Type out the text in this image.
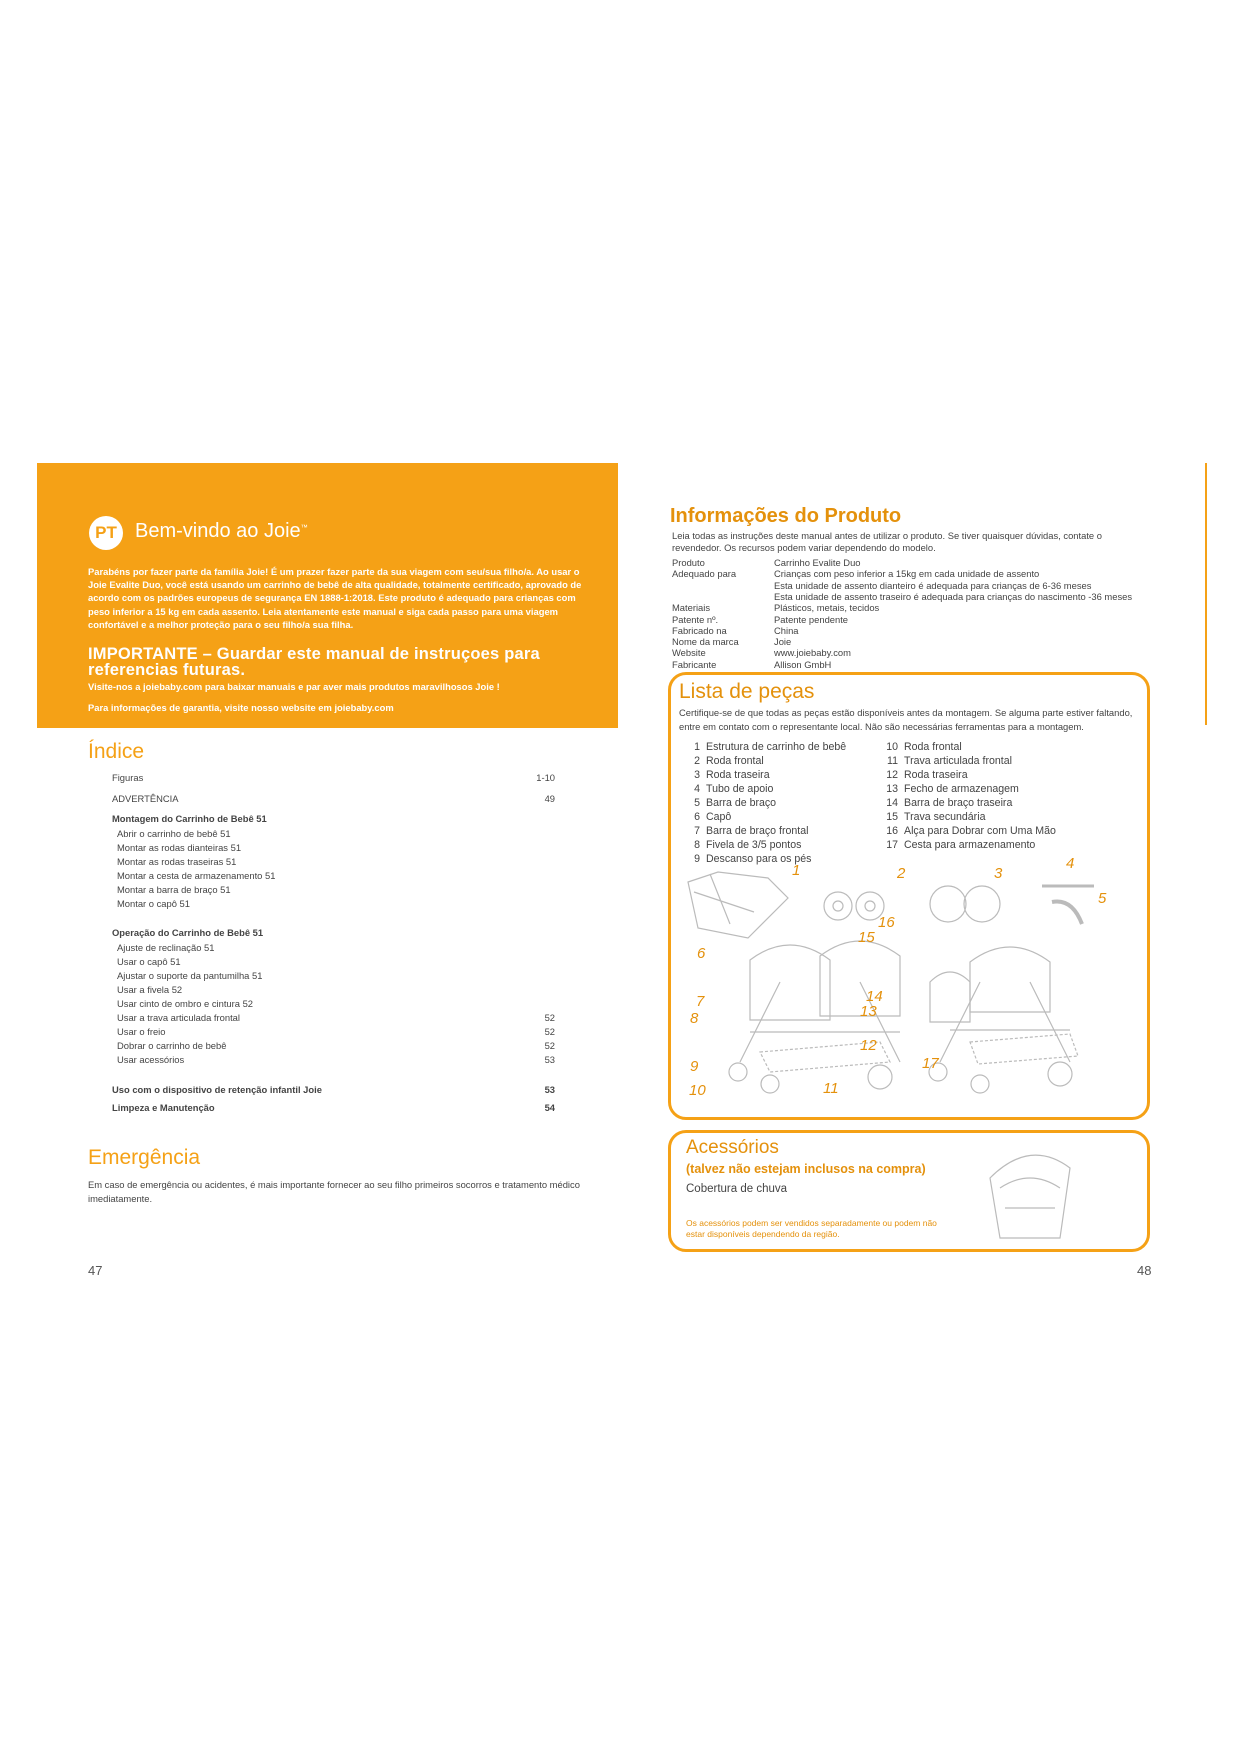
PT Bem-vindo ao Joie™
Parabéns por fazer parte da família Joie! É um prazer fazer parte da sua viagem com seu/sua filho/a. Ao usar o Joie Evalite Duo, você está usando um carrinho de bebê de alta qualidade, totalmente certificado, aprovado de acordo com os padrões europeus de segurança EN 1888-1:2018. Este produto é adequado para crianças com peso inferior a 15 kg em cada assento. Leia atentamente este manual e siga cada passo para uma viagem confortável e a melhor proteção para o seu filho/a sua filha.
IMPORTANTE – Guardar este manual de instruçoes para referencias futuras.
Visite-nos a joiebaby.com para baixar manuais e par aver mais produtos maravilhosos Joie !
Para informações de garantia, visite nosso website em joiebaby.com
Índice
Figuras	1-10
ADVERTÊNCIA	49
Montagem do Carrinho de Bebê 51
Abrir o carrinho de bebê 51
Montar as rodas dianteiras 51
Montar as rodas traseiras 51
Montar a cesta de armazenamento 51
Montar a barra de braço 51
Montar o capô 51
Operação do Carrinho de Bebê 51
Ajuste de reclinação 51
Usar o capô 51
Ajustar o suporte da pantumilha 51
Usar a fivela 52
Usar cinto de ombro e cintura 52
Usar a trava articulada frontal	52
Usar o freio	52
Dobrar o carrinho de bebê	52
Usar acessórios	53
Uso com o dispositivo de retenção infantil Joie	53
Limpeza e Manutenção	54
Emergência
Em caso de emergência ou acidentes, é mais importante fornecer ao seu filho primeiros socorros e tratamento médico imediatamente.
47
Informações do Produto
Leia todas as instruções deste manual antes de utilizar o produto. Se tiver quaisquer dúvidas, contate o revendedor. Os recursos podem variar dependendo do modelo.
Produto	Carrinho Evalite Duo
Adequado para	Crianças com peso inferior a 15kg em cada unidade de assento
Esta unidade de assento dianteiro é adequada para crianças de 6-36 meses
Esta unidade de assento traseiro é adequada para crianças do nascimento -36 meses
Materiais	Plásticos, metais, tecidos
Patente nº.	Patente pendente
Fabricado na	China
Nome da marca	Joie
Website	www.joiebaby.com
Fabricante	Allison GmbH
Lista de peças
Certifique-se de que todas as peças estão disponíveis antes da montagem. Se alguma parte estiver faltando, entre em contato com o representante local. Não são necessárias ferramentas para a montagem.
1 Estrutura de carrinho de bebê
2 Roda frontal
3 Roda traseira
4 Tubo de apoio
5 Barra de braço
6 Capô
7 Barra de braço frontal
8 Fivela de 3/5 pontos
9 Descanso para os pés
10 Roda frontal
11 Trava articulada frontal
12 Roda traseira
13 Fecho de armazenagem
14 Barra de braço traseira
15 Trava secundária
16 Alça para Dobrar com Uma Mão
17 Cesta para armazenamento
1	2	3
4
5
6
7
8
9
10	11
12
13
14
15
16
17
Acessórios
(talvez não estejam inclusos na compra)
Cobertura de chuva
Os acessórios podem ser vendidos separadamente ou podem não estar disponíveis dependendo da região.
48
